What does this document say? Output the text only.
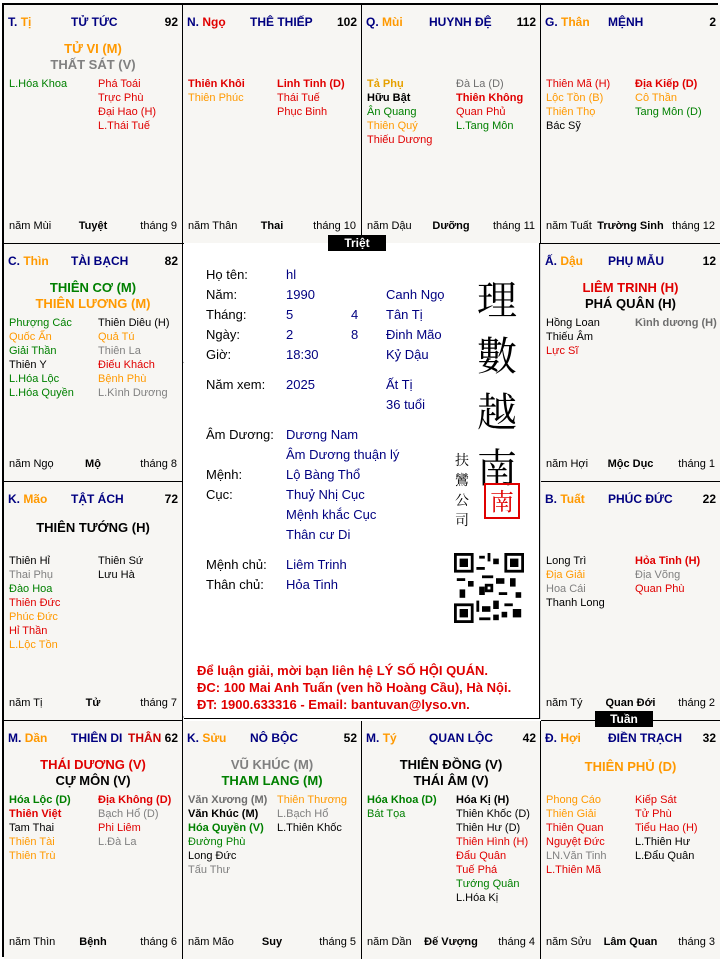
T. Tị	TỬ TỨC	92
TỬ VI (M)
THẤT SÁT (V)
L.Hóa Khoa	Phá Toái
Trực Phù
Đại Hao (H)
L.Thái Tuế
năm Mùi	Tuyệt	tháng 9
N. Ngọ THÊ THIẾP 102
Thiên Khôi
Thiên Phúc
Linh Tinh (D)
Thái Tuế
Phục Binh
năm Thân	Thai	tháng 10
Q. Mùi HUYNH ĐỆ 112
Tả Phụ
Hữu Bật
Ân Quang
Thiên Quý
Thiếu Dương
Đà La (D)
Thiên Không
Quan Phủ
L.Tang Môn
năm Dậu	Dưỡng	tháng 11
G. Thân MỆNH	2
Thiên Mã (H)
Lộc Tồn (B)
Thiên Thọ
Bác Sỹ
Địa Kiếp (D)
Cô Thần
Tang Môn (D)
năm Tuất Trường Sinh tháng 12
C. Thìn TÀI BẠCH	82
THIÊN CƠ (M)
THIÊN LƯƠNG (M)
Phượng Các
Quốc Ấn
Giải Thần
Thiên Y
L.Hóa Lộc
L.Hóa Quyền
Thiên Diêu (H)
Quả Tú
Thiên La
Điếu Khách
Bệnh Phù
L.Kình Dương
năm Ngọ	Mộ	tháng 8
Ấ. Dậu PHỤ MẪU	12
LIÊM TRINH (H)
PHÁ QUÂN (H)
Hồng Loan
Thiếu Âm
Lực Sĩ
Kình dương (H)
năm Hợi	Mộc Dục	tháng 1
K. Mão TẬT ÁCH	72
THIÊN TƯỚNG (H)
Thiên Hỉ
Thai Phụ
Đào Hoa
Thiên Đức
Phúc Đức
Hỉ Thần
L.Lộc Tồn
Thiên Sứ
Lưu Hà
năm Tị	Tử	tháng 7
B. Tuất PHÚC ĐỨC	22
Long Trì
Địa Giải
Hoa Cái
Thanh Long
Hỏa Tinh (H)
Địa Võng
Quan Phù
năm Tý	Quan Đới	tháng 2
M. Dần THIÊN DI THÂN 62
THÁI DƯƠNG (V)
CỰ MÔN (V)
Hóa Lộc (D)
Thiên Việt
Tam Thai
Thiên Tài
Thiên Trù
Địa Không (D)
Bạch Hổ (D)
Phi Liêm
L.Đà La
năm Thìn	Bệnh	tháng 6
K. Sửu NÔ BỘC	52
VŨ KHÚC (M)
THAM LANG (M)
Văn Xương (M)
Văn Khúc (M)
Hóa Quyền (V)
Đường Phù
Long Đức
Tấu Thư
Thiên Thương
L.Bạch Hổ
L.Thiên Khốc
năm Mão	Suy	tháng 5
M. Tý	QUAN LỘC 42
THIÊN ĐỒNG (V)
THÁI ÂM (V)
Hóa Khoa (D)
Bát Tọa
Hóa Kị (H)
Thiên Khốc (D)
Thiên Hư (D)
Thiên Hình (H)
Đẩu Quân
Tuế Phá
Tướng Quân
L.Hóa Kị
năm Dần	Đế Vượng	tháng 4
Đ. Hợi ĐIỀN TRẠCH 32
THIÊN PHỦ (D)
Phong Cáo
Thiên Giải
Thiên Quan
Nguyệt Đức
LN.Văn Tinh
L.Thiên Mã
Kiếp Sát
Tử Phù
Tiểu Hao (H)
L.Thiên Hư
L.Đẩu Quân
năm Sửu	Lâm Quan	tháng 3
Họ tên:	hl
Năm:	1990	Canh Ngọ
Tháng:	5	4 Tân Tị
Ngày:	2	8 Đinh Mão
Giờ:	18:30	Kỷ Dậu
Năm xem: 2025	Ất Tị
36 tuổi
Âm Dương: Dương Nam
Âm Dương thuận lý
Mệnh:	Lộ Bàng Thổ
Cục:	Thuỷ Nhị Cục
Mệnh khắc Cục
Thân cư Di
Mệnh chủ: Liêm Trinh
Thân chủ: Hỏa Tinh
理
數
越
南
扶
鸞
公
司
南
Để luận giải, mời bạn liên hệ LÝ SỐ HỘI QUÁN.
ĐC: 100 Mai Anh Tuấn (ven hồ Hoàng Cầu), Hà Nội.
ĐT: 1900.633316 - Email: bantuvan@lyso.vn.
Triệt
Tuần
